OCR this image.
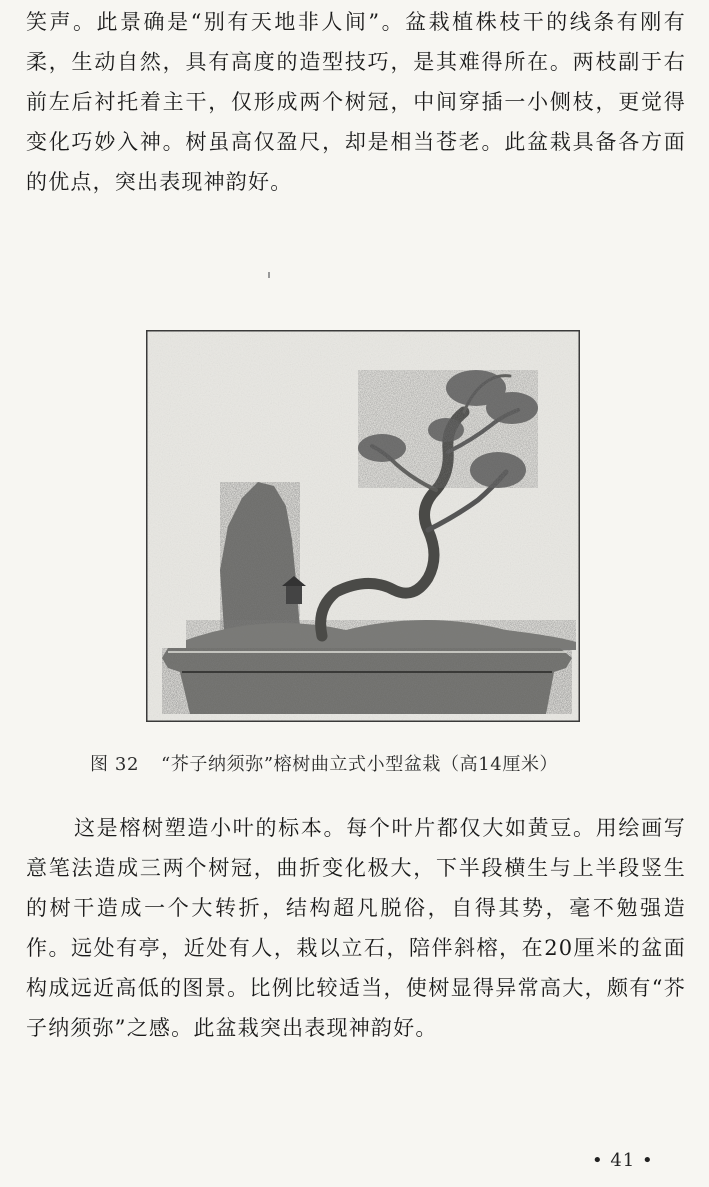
笑声。此景确是“别有天地非人间”。盆栽植株枝干的线条有刚有柔，生动自然，具有高度的造型技巧，是其难得所在。两枝副于右前左后衬托着主干，仅形成两个树冠，中间穿插一小侧枝，更觉得变化巧妙入神。树虽高仅盈尺，却是相当苍老。此盆栽具备各方面的优点，突出表现神韵好。

图 32 “芥子纳须弥”榕树曲立式小型盆栽（高14厘米）

这是榕树塑造小叶的标本。每个叶片都仅大如黄豆。用绘画写意笔法造成三两个树冠，曲折变化极大，下半段横生与上半段竖生的树干造成一个大转折，结构超凡脱俗，自得其势，毫不勉强造作。远处有亭，近处有人，栽以立石，陪伴斜榕，在20厘米的盆面构成远近高低的图景。比例比较适当，使树显得异常高大，颇有“芥子纳须弥”之感。此盆栽突出表现神韵好。

• 41 •
